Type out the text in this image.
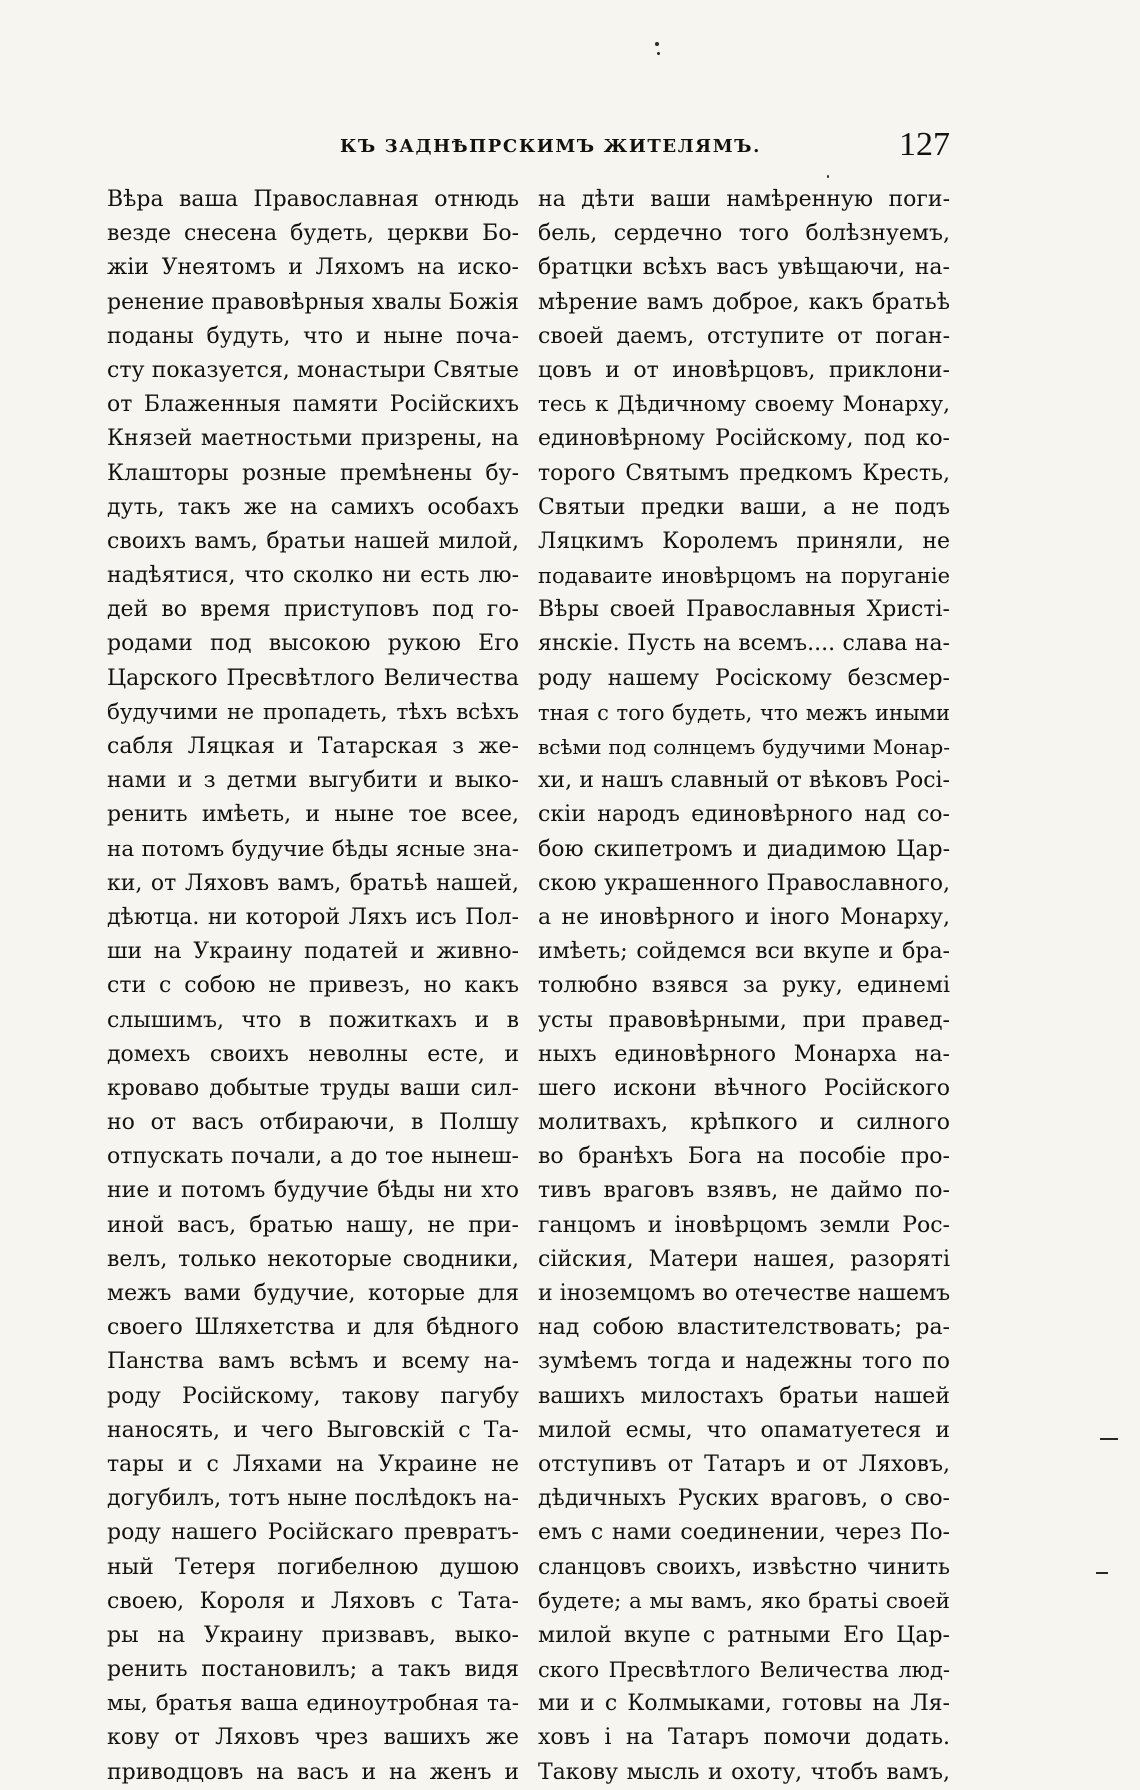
КЪ ЗАДНѢПРСКИМЪ ЖИТЕЛЯМЪ.	127
Вѣра ваша Православная отнюдь
везде снесена будеть, церкви Бо-
жіи Унеятомъ и Ляхомъ на иско-
ренение правовѣрныя хвалы Божія
поданы будуть, что и ныне поча-
сту показуется, монастыри Святые
от Блаженныя памяти Російскихъ
Князей маетностьми призрены, на
Клашторы розные премѣнены бу-
дуть, такъ же на самихъ особахъ
своихъ вамъ, братьи нашей милой,
надѣятися, что сколко ни есть лю-
дей во время приступовъ под го-
родами под высокою рукою Его
Царского Пресвѣтлого Величества
будучими не пропадеть, тѣхъ всѣхъ
сабля Ляцкая и Татарская з же-
нами и з детми выгубити и выко-
ренить имѣеть, и ныне тое всее,
на потомъ будучие бѣды ясные зна-
ки, от Ляховъ вамъ, братьѣ нашей,
дѣютца. ни которой Ляхъ исъ Пол-
ши на Украину податей и живно-
сти с собою не привезъ, но какъ
слышимъ, что в пожиткахъ и в
домехъ своихъ неволны есте, и
кроваво добытые труды ваши сил-
но от васъ отбираючи, в Полшу
отпускать почали, а до тое нынеш-
ние и потомъ будучие бѣды ни хто
иной васъ, братью нашу, не при-
велъ, только некоторые сводники,
межъ вами будучие, которые для
своего Шляхетства и для бѣдного
Панства вамъ всѣмъ и всему на-
роду Російскому, такову пагубу
наносять, и чего Выговскій с Та-
тары и с Ляхами на Украине не
догубилъ, тотъ ныне послѣдокъ на-
роду нашего Російскаго превратъ-
ный Тетеря погибелною душою
своею, Короля и Ляховъ с Тата-
ры на Украину призвавъ, выко-
ренить постановилъ; а такъ видя
мы, братья ваша единоутробная та-
кову от Ляховъ чрез вашихъ же
приводцовъ на васъ и на женъ и
на дѣти ваши намѣренную поги-
бель, сердечно того болѣзнуемъ,
братцки всѣхъ васъ увѣщаючи, на-
мѣрение вамъ доброе, какъ братьѣ
своей даемъ, отступите от поган-
цовъ и от иновѣрцовъ, приклони-
тесь к Дѣдичному своему Монарху,
единовѣрному Російскому, под ко-
торого Святымъ предкомъ Кресть,
Святыи предки ваши, а не подъ
Ляцкимъ Королемъ приняли, не
подаваите иновѣрцомъ на поруганіе
Вѣры своей Православныя Христі-
янскіе. Пусть на всемъ.... слава на-
роду нашему Росіскому безсмер-
тная с того будеть, что межъ иными
всѣми под солнцемъ будучими Монар-
хи, и нашъ славный от вѣковъ Росі-
скіи народъ единовѣрного над со-
бою скипетромъ и диадимою Цар-
скою украшенного Православного,
а не иновѣрного и іного Монарху,
имѣеть; сойдемся вси вкупе и бра-
толюбно взявся за руку, единемі
усты правовѣрными, при правед-
ныхъ единовѣрного Монарха на-
шего искони вѣчного Російского
молитвахъ, крѣпкого и силного
во бранѣхъ Бога на пособіе про-
тивъ враговъ взявъ, не даймо по-
ганцомъ и іновѣрцомъ земли Рос-
сійския, Матери нашея, разоряті
и іноземцомъ во отечестве нашемъ
над собою властителствовать; ра-
зумѣемъ тогда и надежны того по
вашихъ милостахъ братьи нашей
милой есмы, что опаматуетеся и
отступивъ от Татаръ и от Ляховъ,
дѣдичныхъ Руских враговъ, о сво-
емъ с нами соединении, через По-
сланцовъ своихъ, извѣстно чинить
будете; а мы вамъ, яко братьі своей
милой вкупе с ратными Его Цар-
ского Пресвѣтлого Величества люд-
ми и с Колмыками, готовы на Ля-
ховъ і на Татаръ помочи додать.
Такову мысль и охоту, чтобъ вамъ,
